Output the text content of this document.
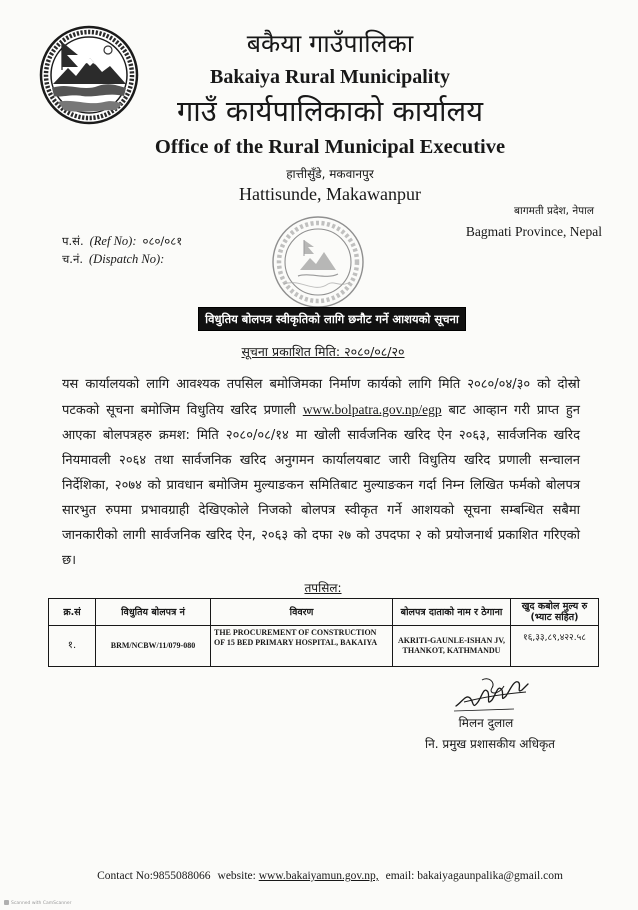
बकैया गाउँपालिका
Bakaiya Rural Municipality
गाउँ कार्यपालिकाको कार्यालय
Office of the Rural Municipal Executive
हात्तीसुँडे, मकवानपुर
Hattisunde, Makawanpur
बागमती प्रदेश, नेपाल
Bagmati Province, Nepal
प.सं. (Ref No): ०८०/०८१
च.नं. (Dispatch No):
विधुतिय बोलपत्र स्वीकृतिको लागि छनौट गर्ने आशयको सूचना
सूचना प्रकाशित मिति: २०८०/०८/२०

यस कार्यालयको लागि आवश्यक तपसिल बमोजिमका निर्माण कार्यको लागि मिति २०८०/०४/३० को दोस्रो पटकको सूचना बमोजिम विधुतिय खरिद प्रणाली www.bolpatra.gov.np/egp बाट आव्हान गरी प्राप्त हुन आएका बोलपत्रहरु क्रमश: मिति २०८०/०८/१४ मा खोली सार्वजनिक खरिद ऐन २०६३, सार्वजनिक खरिद नियमावली २०६४ तथा सार्वजनिक खरिद अनुगमन कार्यालयबाट जारी विधुतिय खरिद प्रणाली सन्चालन निर्देशिका, २०७४ को प्रावधान बमोजिम मुल्याङकन समितिबाट मुल्याङकन गर्दा निम्न लिखित फर्मको बोलपत्र सारभुत रुपमा प्रभावग्राही देखिएकोले निजको बोलपत्र स्वीकृत गर्ने आशयको सूचना सम्बन्धित सबैमा जानकारीको लागी सार्वजनिक खरिद ऐन, २०६३ को दफा २७ को उपदफा २ को प्रयोजनार्थ प्रकाशित गरिएको छ।

तपसिल:
क्र.सं	विधुतिय बोलपत्र नं	विवरण	बोलपत्र दाताको नाम र ठेगाना	खुद कबोल मुल्य रु (भ्याट सहित)
१.	BRM/NCBW/11/079-080	THE PROCUREMENT OF CONSTRUCTION OF 15 BED PRIMARY HOSPITAL, BAKAIYA	AKRITI-GAUNLE-ISHAN JV, THANKOT, KATHMANDU	१६,३३,८९,४२२.५८
मिलन दुलाल
नि. प्रमुख प्रशासकीय अधिकृत
Contact No:9855088066 website: www.bakaiyamun.gov.np, email: bakaiyagaunpalika@gmail.com
Scanned with CamScanner
